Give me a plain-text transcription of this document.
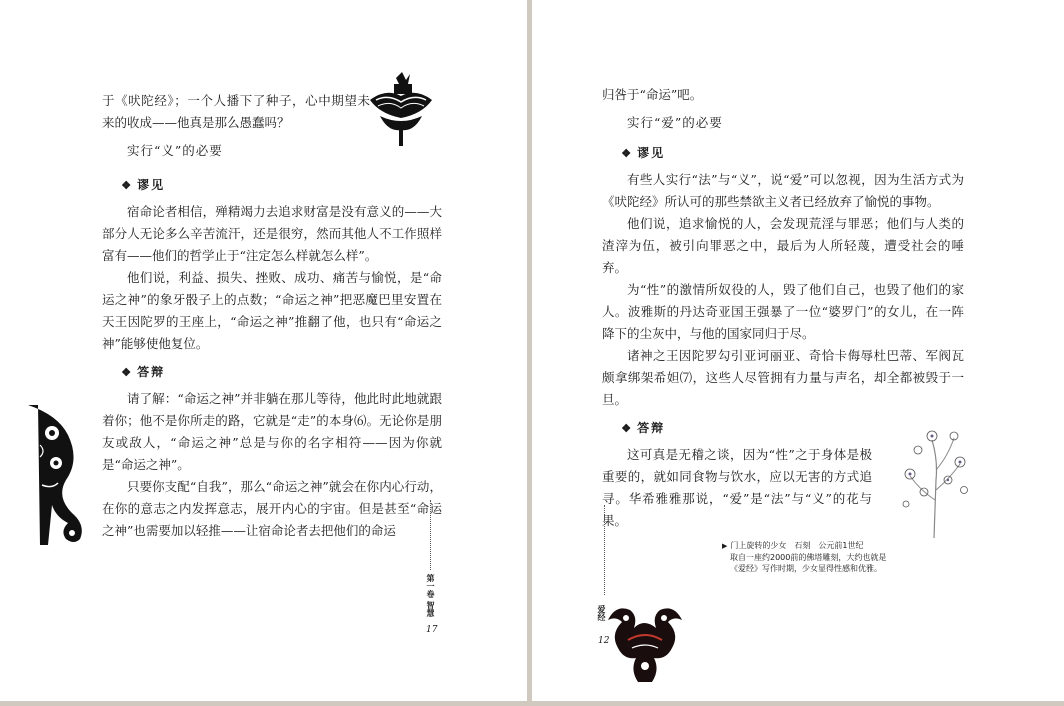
于《吠陀经》；一个人播下了种子，心中期望未来的收成——他真是那么愚蠢吗？

实行“义”的必要
❖ 谬见

宿命论者相信，殚精竭力去追求财富是没有意义的——大部分人无论多么辛苦流汗，还是很穷，然而其他人不工作照样富有——他们的哲学止于“注定怎么样就怎么样”。

他们说，利益、损失、挫败、成功、痛苦与愉悦，是“命运之神”的象牙骰子上的点数；“命运之神”把恶魔巴里安置在天王因陀罗的王座上，“命运之神”推翻了他，也只有“命运之神”能够使他复位。

❖ 答辩

请了解：“命运之神”并非躺在那儿等待，他此时此地就跟着你；他不是你所走的路，它就是“走”的本身⑹。无论你是朋友或敌人，“命运之神”总是与你的名字相符——因为你就是“命运之神”。

只要你支配“自我”，那么“命运之神”就会在你内心行动，在你的意志之内发挥意志，展开内心的宇宙。但是甚至“命运之神”也需要加以轻推——让宿命论者去把他们的命运

第一卷 智慧
17

归咎于“命运”吧。

实行“爱”的必要
❖ 谬见

有些人实行“法”与“义”，说“爱”可以忽视，因为生活方式为《吠陀经》所认可的那些禁欲主义者已经放弃了愉悦的事物。

他们说，追求愉悦的人，会发现荒淫与罪恶；他们与人类的渣滓为伍，被引向罪恶之中，最后为人所轻蔑，遭受社会的唾弃。

为“性”的激情所奴役的人，毁了他们自己，也毁了他们的家人。波雅斯的丹达奇亚国王强暴了一位“婆罗门”的女儿，在一阵降下的尘灰中，与他的国家同归于尽。

诸神之王因陀罗勾引亚诃丽亚、奇恰卡侮辱杜巴蒂、军阀瓦颇拿绑架希妲⑺，这些人尽管拥有力量与声名，却全都被毁于一旦。

❖ 答辩

这可真是无稽之谈，因为“性”之于身体是极重要的，就如同食物与饮水，应以无害的方式追寻。华希雅雅那说，“爱”是“法”与“义”的花与果。

▶ 门上旋转的少女　石刻　公元前1世纪
取自一座约2000前的佛塔雕刻，大约也就是《爱经》写作时期，少女显得性感和优雅。
爱经
12
